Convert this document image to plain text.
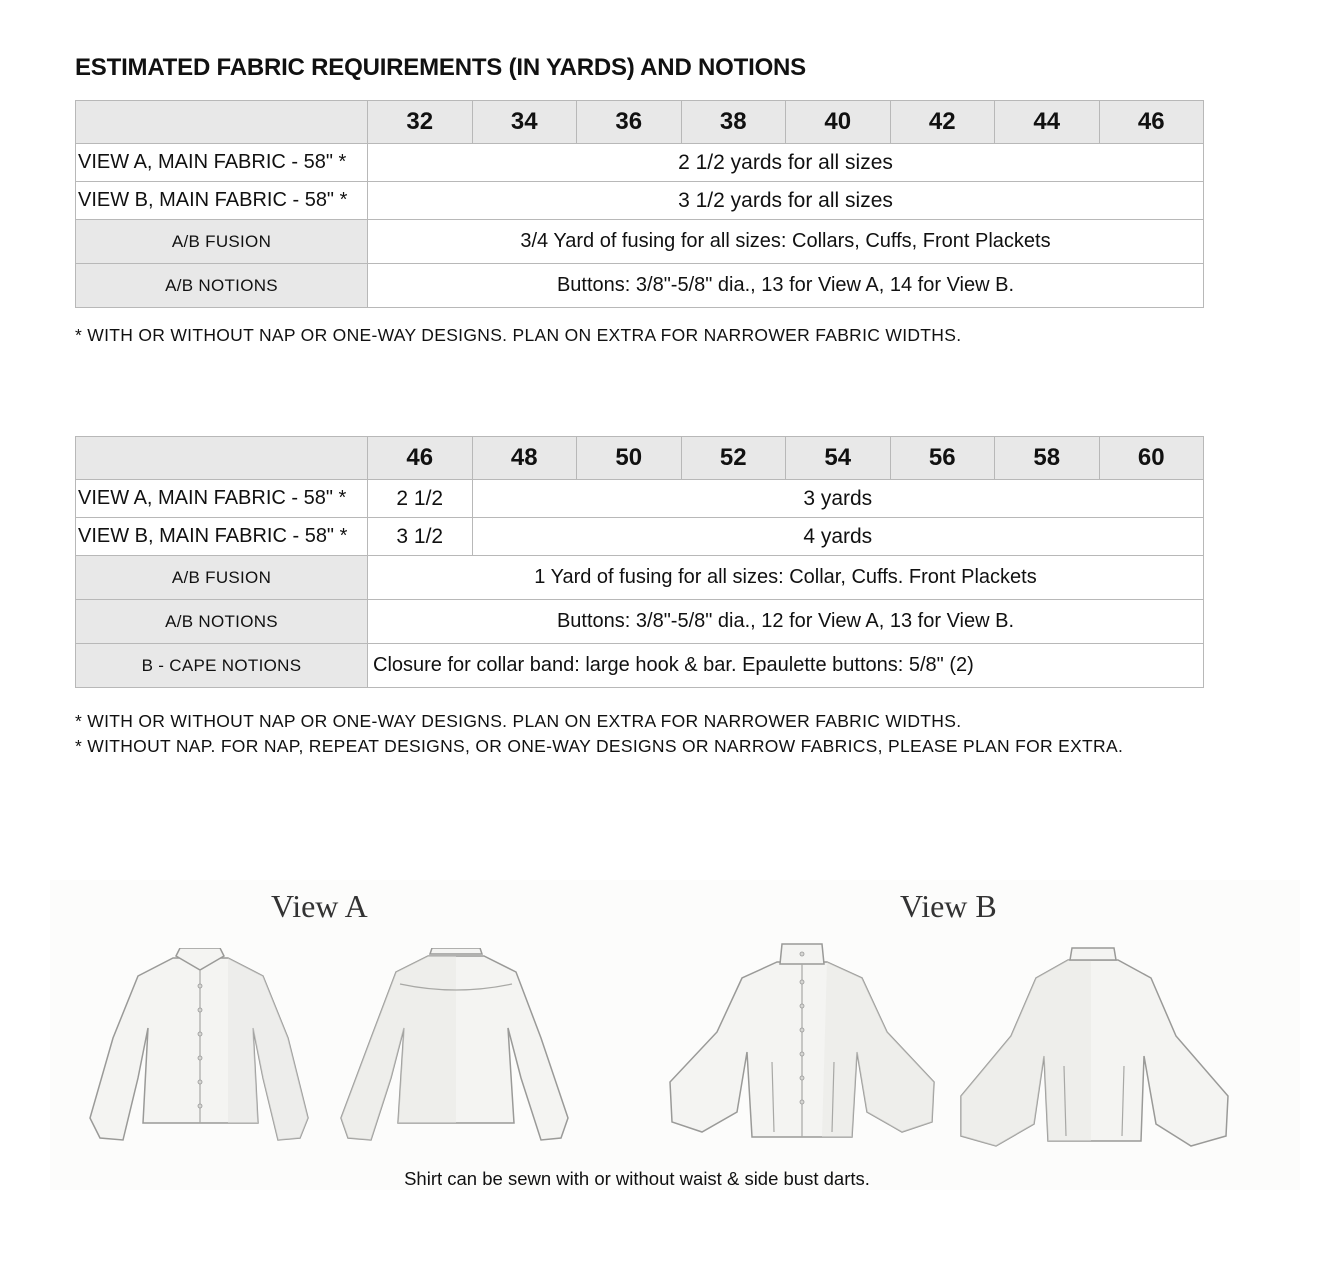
ESTIMATED FABRIC REQUIREMENTS (IN YARDS) AND NOTIONS
	32	34	36	38	40	42	44	46
VIEW A, MAIN FABRIC - 58" *	2 1/2 yards for all sizes							
VIEW B, MAIN FABRIC - 58" *	3 1/2 yards for all sizes							
A/B FUSION	3/4 Yard of fusing for all sizes: Collars, Cuffs, Front Plackets							
A/B NOTIONS	Buttons: 3/8"-5/8" dia., 13 for View A, 14 for View B.							

* WITH OR WITHOUT NAP OR ONE-WAY DESIGNS. PLAN ON EXTRA FOR NARROWER FABRIC WIDTHS.

	46	48	50	52	54	56	58	60
VIEW A, MAIN FABRIC - 58" *	2 1/2	3 yards						
VIEW B, MAIN FABRIC - 58" *	3 1/2	4 yards						
A/B FUSION	1 Yard of fusing for all sizes: Collar, Cuffs. Front Plackets							
A/B NOTIONS	Buttons: 3/8"-5/8" dia., 12 for View A, 13 for View B.							
B - CAPE NOTIONS	Closure for collar band: large hook & bar. Epaulette buttons: 5/8" (2)							

* WITH OR WITHOUT NAP OR ONE-WAY DESIGNS. PLAN ON EXTRA FOR NARROWER FABRIC WIDTHS.

* WITHOUT NAP. FOR NAP, REPEAT DESIGNS, OR ONE-WAY DESIGNS OR NARROW FABRICS, PLEASE PLAN FOR EXTRA.

View A	View B
Shirt can be sewn with or without waist & side bust darts.
